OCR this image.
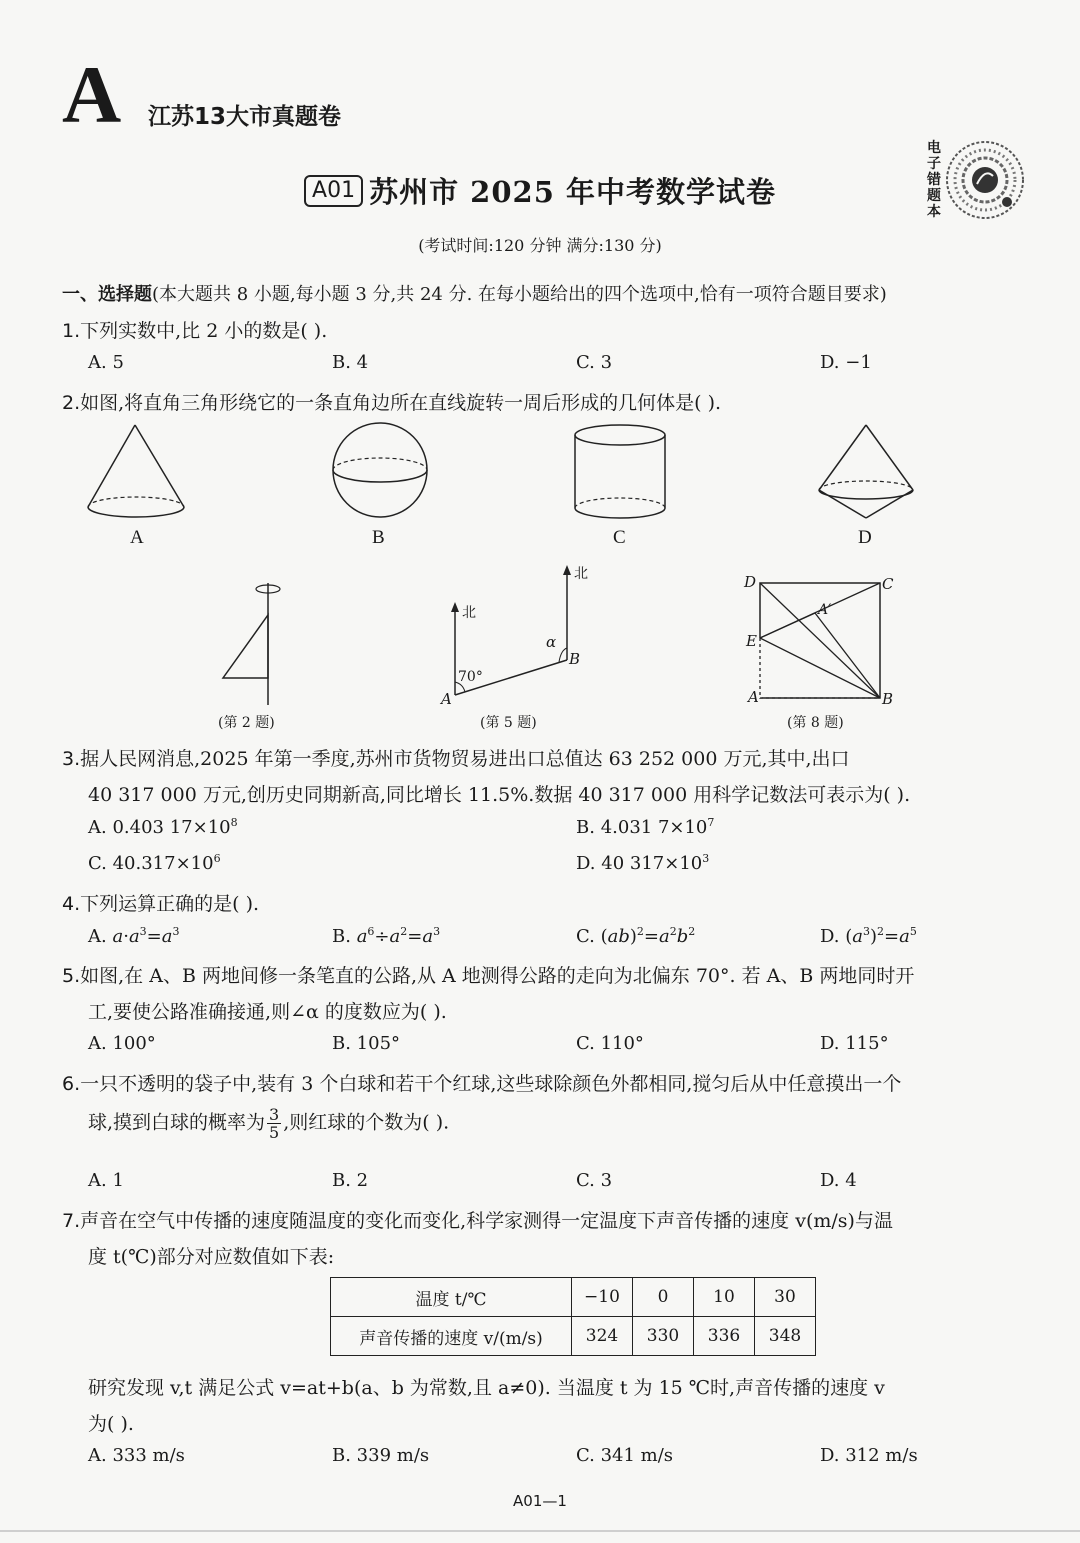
A 江苏13大市真题卷
电子错题本
A01 苏州市 2025 年中考数学试卷
(考试时间:120 分钟 满分:130 分)
一、选择题(本大题共 8 小题,每小题 3 分,共 24 分. 在每小题给出的四个选项中,恰有一项符合题目要求)
1.下列实数中,比 2 小的数是( ).
A. 5	B. 4	C. 3	D. −1
2.如图,将直角三角形绕它的一条直角边所在直线旋转一周后形成的几何体是( ).
A	B	C	D
(第 2 题)
北
北
70°
α
A
B
(第 5 题)
D	C
A′
E
A	B
(第 8 题)
3.据人民网消息,2025 年第一季度,苏州市货物贸易进出口总值达 63 252 000 万元,其中,出口
40 317 000 万元,创历史同期新高,同比增长 11.5%.数据 40 317 000 用科学记数法可表示为( ).
A. 0.403 $17\times 10^8$	B. 4.031 $7\times 10^7$
C. $40.317\times 10^6$	D. 40 $317\times 10^3$
4.下列运算正确的是( ).
A. $a\cdot a^3=a^3$	B. $a^6\div a^2=a^3$	C. $(ab)^2=a^2b^2$	D. $(a^3)^2=a^5$
5.如图,在 A、B 两地间修一条笔直的公路,从 A 地测得公路的走向为北偏东 70°. 若 A、B 两地同时开
工,要使公路准确接通,则∠α 的度数应为( ).
A. 100°	B. 105°	C. 110°	D. 115°
6.一只不透明的袋子中,装有 3 个白球和若干个红球,这些球除颜色外都相同,搅匀后从中任意摸出一个
球,摸到白球的概率为 $\frac{3}{5}$ ,则红球的个数为( ).
A. 1	B. 2	C. 3	D. 4
7.声音在空气中传播的速度随温度的变化而变化,科学家测得一定温度下声音传播的速度 v(m/s)与温
度 t(℃)部分对应数值如下表:
温度 t/℃	−10	0	10	30
声音传播的速度 v/(m/s)	324	330	336	348
研究发现 v,t 满足公式 v=at+b(a、b 为常数,且 a≠0). 当温度 t 为 15 ℃时,声音传播的速度 v
为( ).
A. 333 m/s	B. 339 m/s	C. 341 m/s	D. 312 m/s
A01—1
